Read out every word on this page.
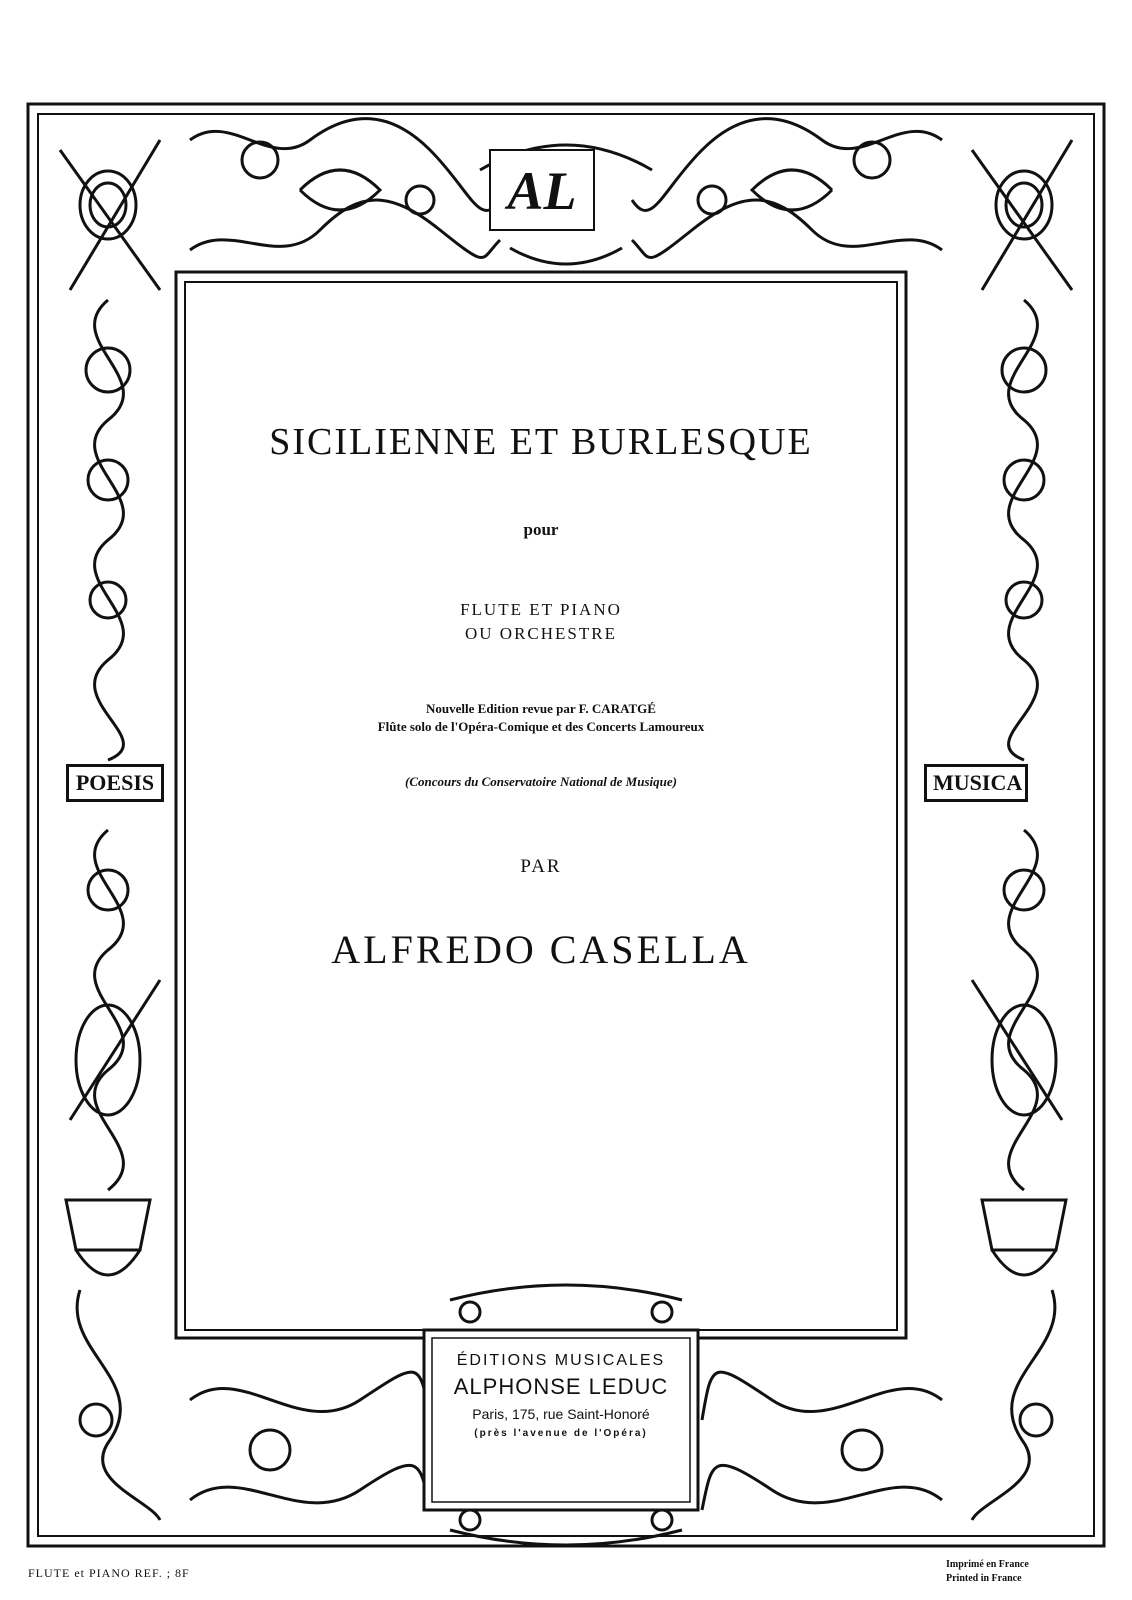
AL
POESIS	MUSICA
SICILIENNE ET BURLESQUE
pour
FLUTE ET PIANO
OU ORCHESTRE
Nouvelle Edition revue par F. CARATGÉ
Flûte solo de l'Opéra-Comique et des Concerts Lamoureux
(Concours du Conservatoire National de Musique)
PAR
ALFREDO CASELLA
ÉDITIONS MUSICALES
ALPHONSE LEDUC
Paris, 175, rue Saint-Honoré
(près l'avenue de l'Opéra)
FLUTE et PIANO REF. ; 8F
Imprimé en France
Printed in France
